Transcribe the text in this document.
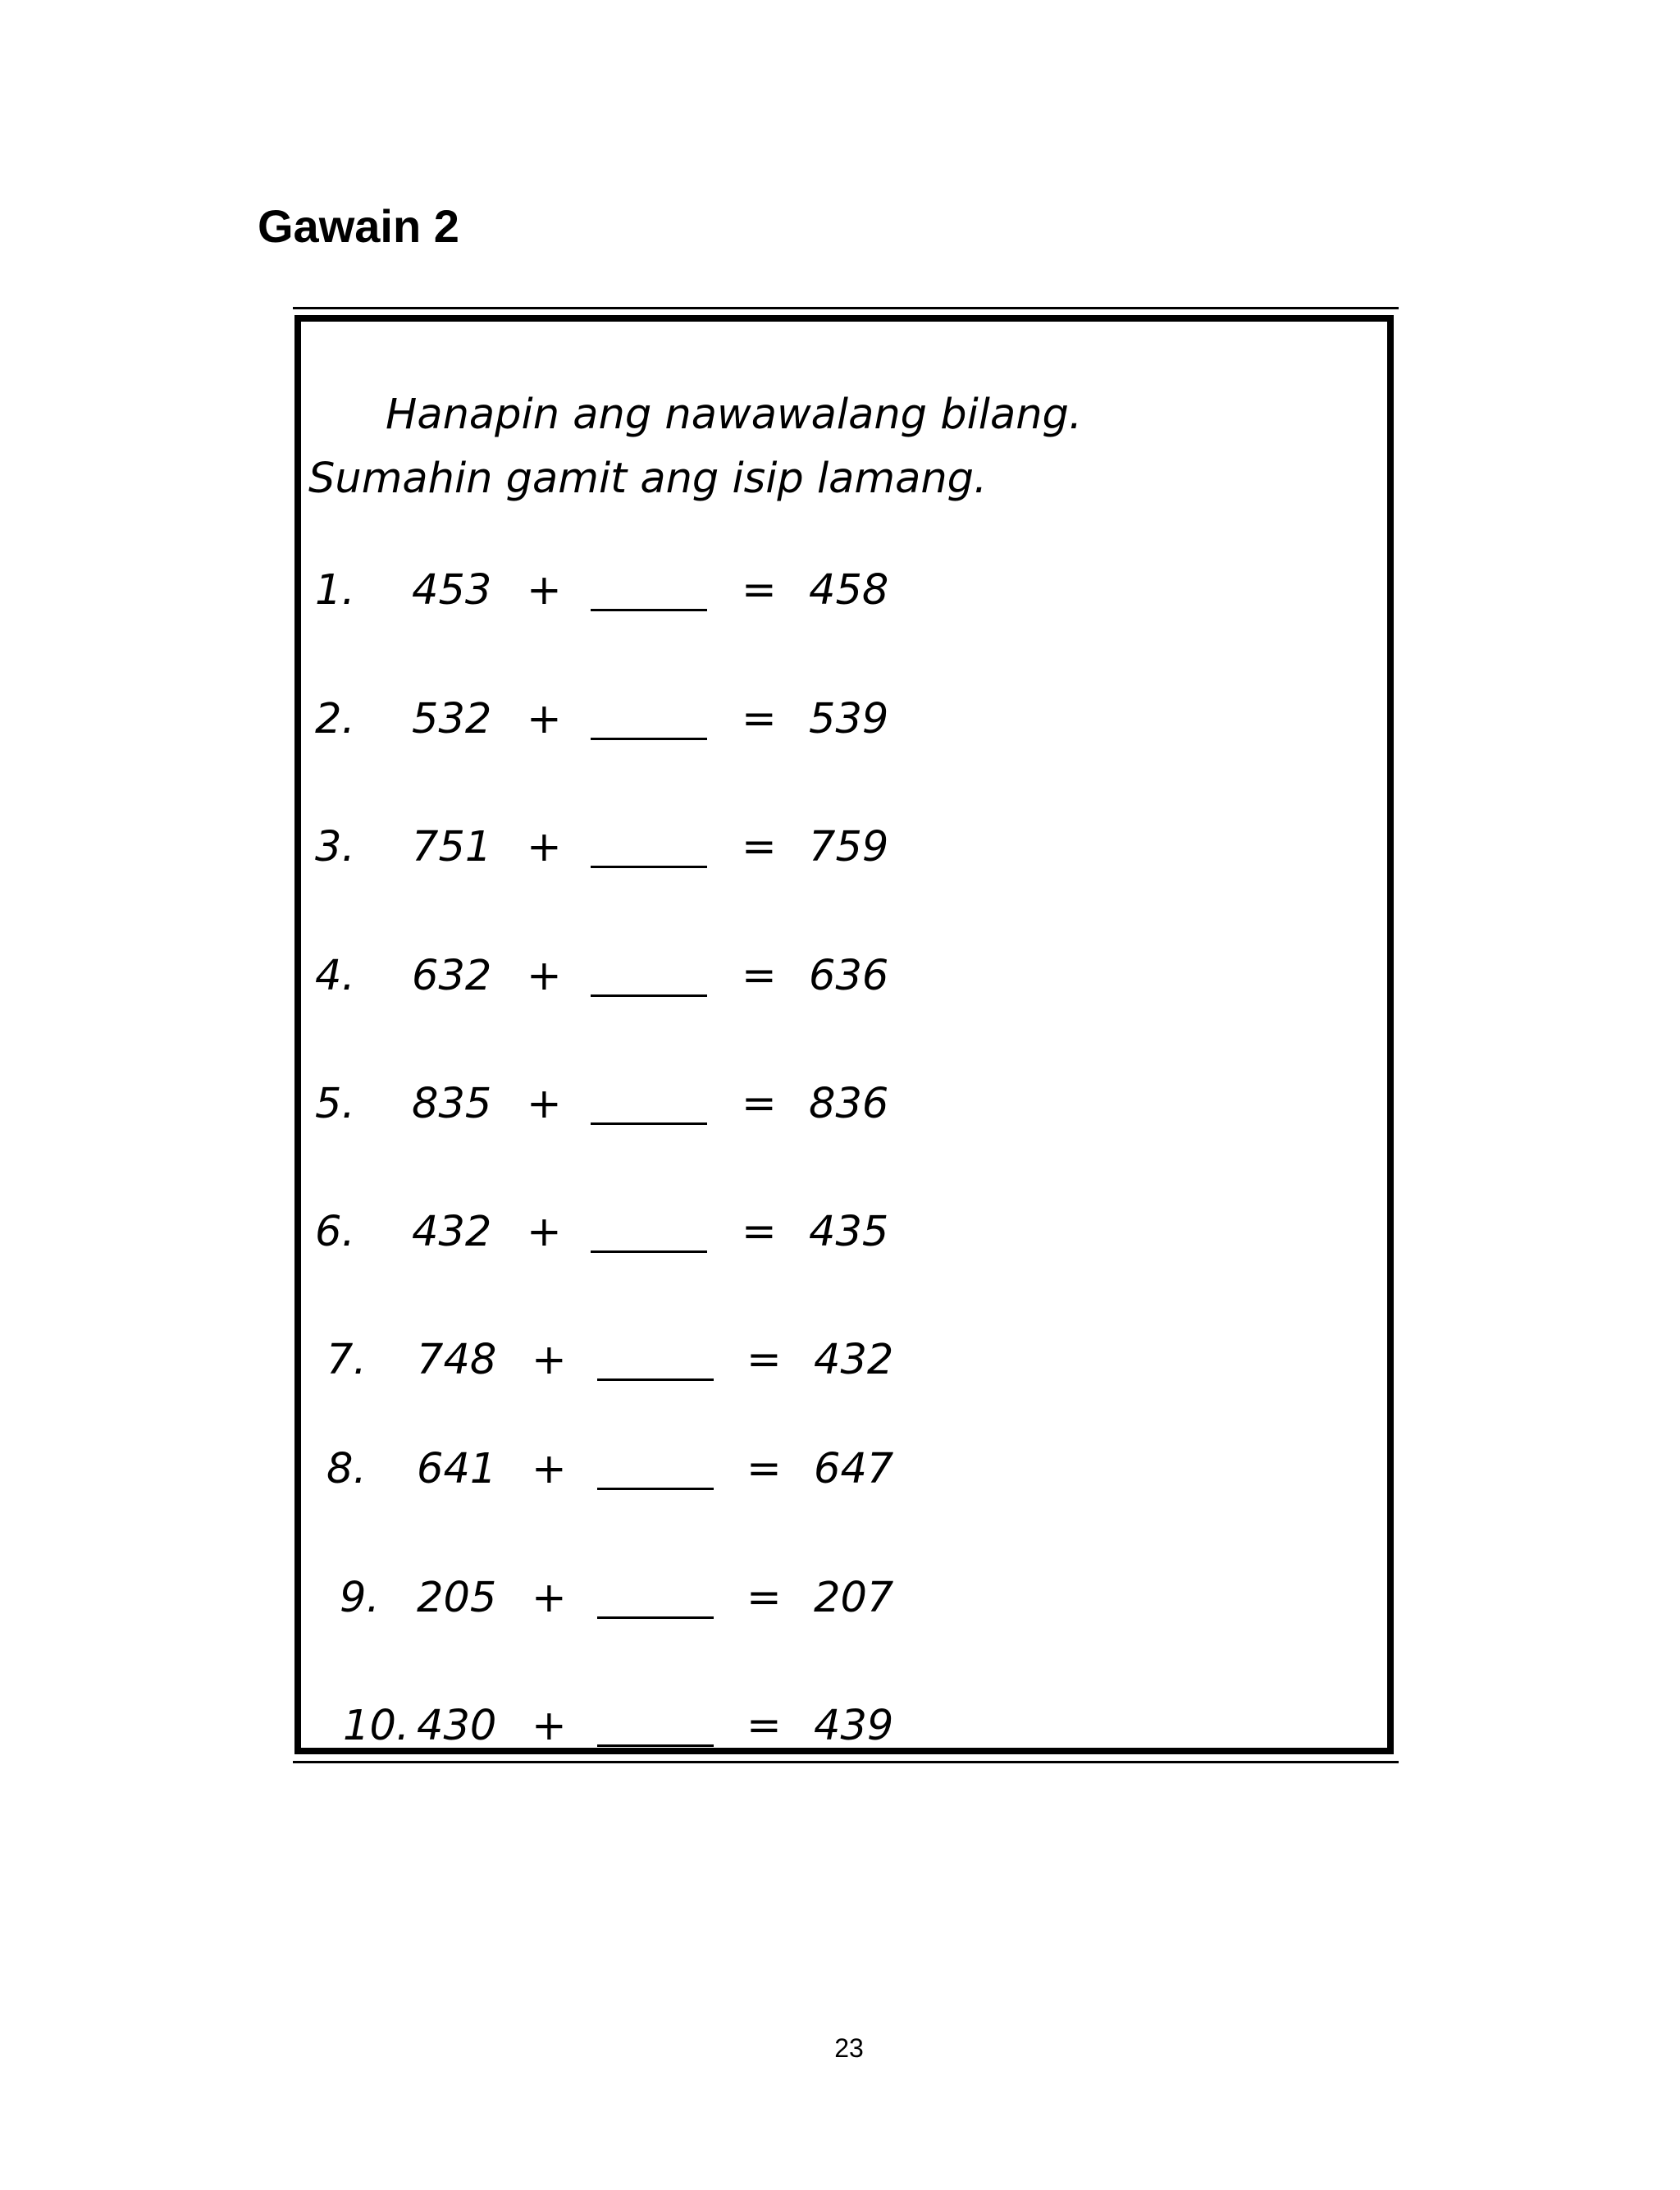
Gawain 2
Hanapin ang nawawalang bilang.
Sumahin gamit ang isip lamang.
1. 453 +	= 458
2. 532 +	= 539
3. 751 +	= 759
4. 632 +	= 636
5. 835 +	= 836
6. 432 +	= 435
7. 748 +	= 432
8. 641 +	= 647
9. 205 +	= 207
10. 430 +	= 439
23
